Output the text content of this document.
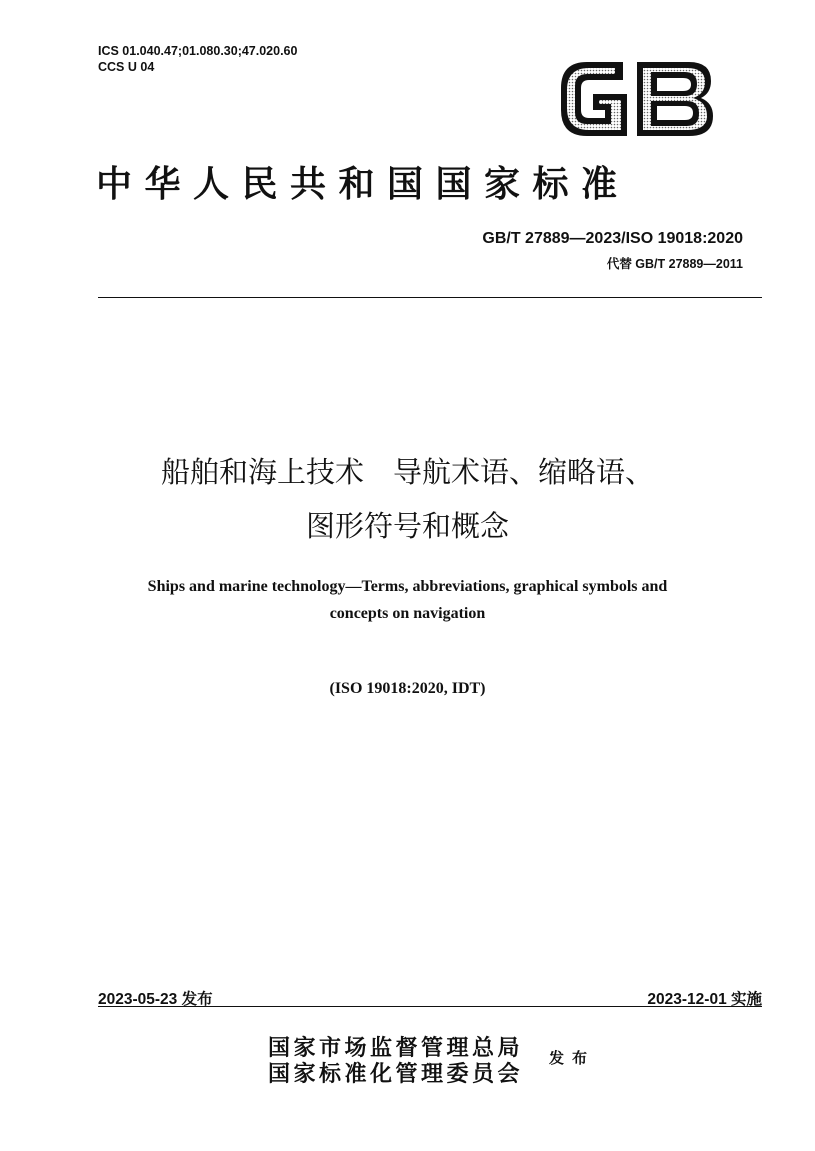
ICS 01.040.47;01.080.30;47.020.60
CCS U 04
中华人民共和国国家标准
GB/T 27889—2023/ISO 19018:2020
代替 GB/T 27889—2011
船舶和海上技术　导航术语、缩略语、
图形符号和概念
Ships and marine technology—Terms, abbreviations, graphical symbols and
concepts on navigation
(ISO 19018:2020, IDT)
2023-05-23 发布	2023-12-01 实施
国家市场监督管理总局
国家标准化管理委员会
发布
